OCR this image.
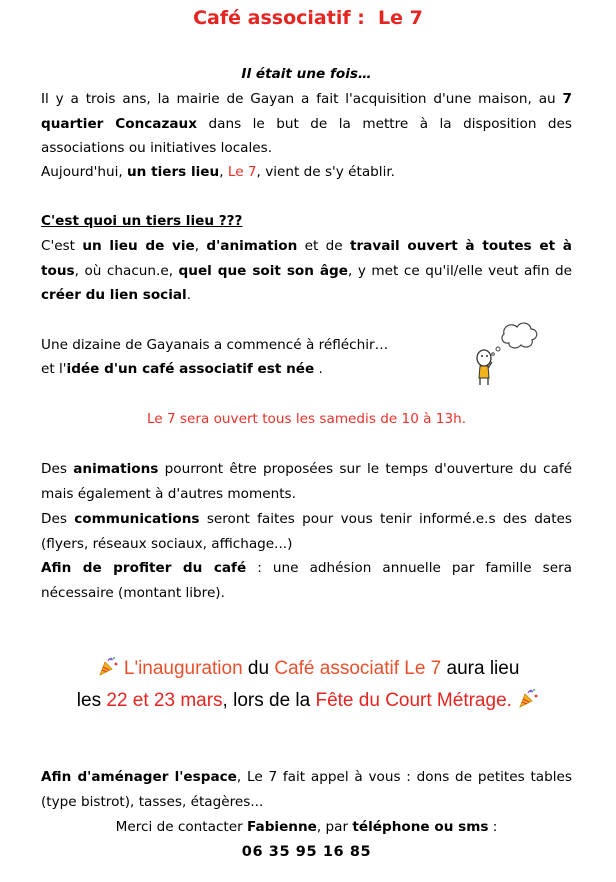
Café associatif :  Le 7
Il était une fois…
Il y a trois ans, la mairie de Gayan a fait l'acquisition d'une maison, au 7 quartier Concazaux dans le but de la mettre à la disposition des associations ou initiatives locales.
Aujourd'hui, un tiers lieu, Le 7, vient de s'y établir.
C'est quoi un tiers lieu ???
C'est un lieu de vie, d'animation et de travail ouvert à toutes et à tous, où chacun.e, quel que soit son âge, y met ce qu'il/elle veut afin de créer du lien social.
Une dizaine de Gayanais a commencé à réfléchir…
et l'idée d'un café associatif est née .
Le 7 sera ouvert tous les samedis de 10 à 13h.
Des animations pourront être proposées sur le temps d'ouverture du café mais également à d'autres moments.
Des communications seront faites pour vous tenir informé.e.s des dates (flyers, réseaux sociaux, affichage...)
Afin de profiter du café : une adhésion annuelle par famille sera nécessaire (montant libre).
L'inauguration du Café associatif Le 7 aura lieu
les 22 et 23 mars, lors de la Fête du Court Métrage.
Afin d'aménager l'espace, Le 7 fait appel à vous : dons de petites tables (type bistrot), tasses, étagères...
Merci de contacter Fabienne, par téléphone ou sms :
06 35 95 16 85
